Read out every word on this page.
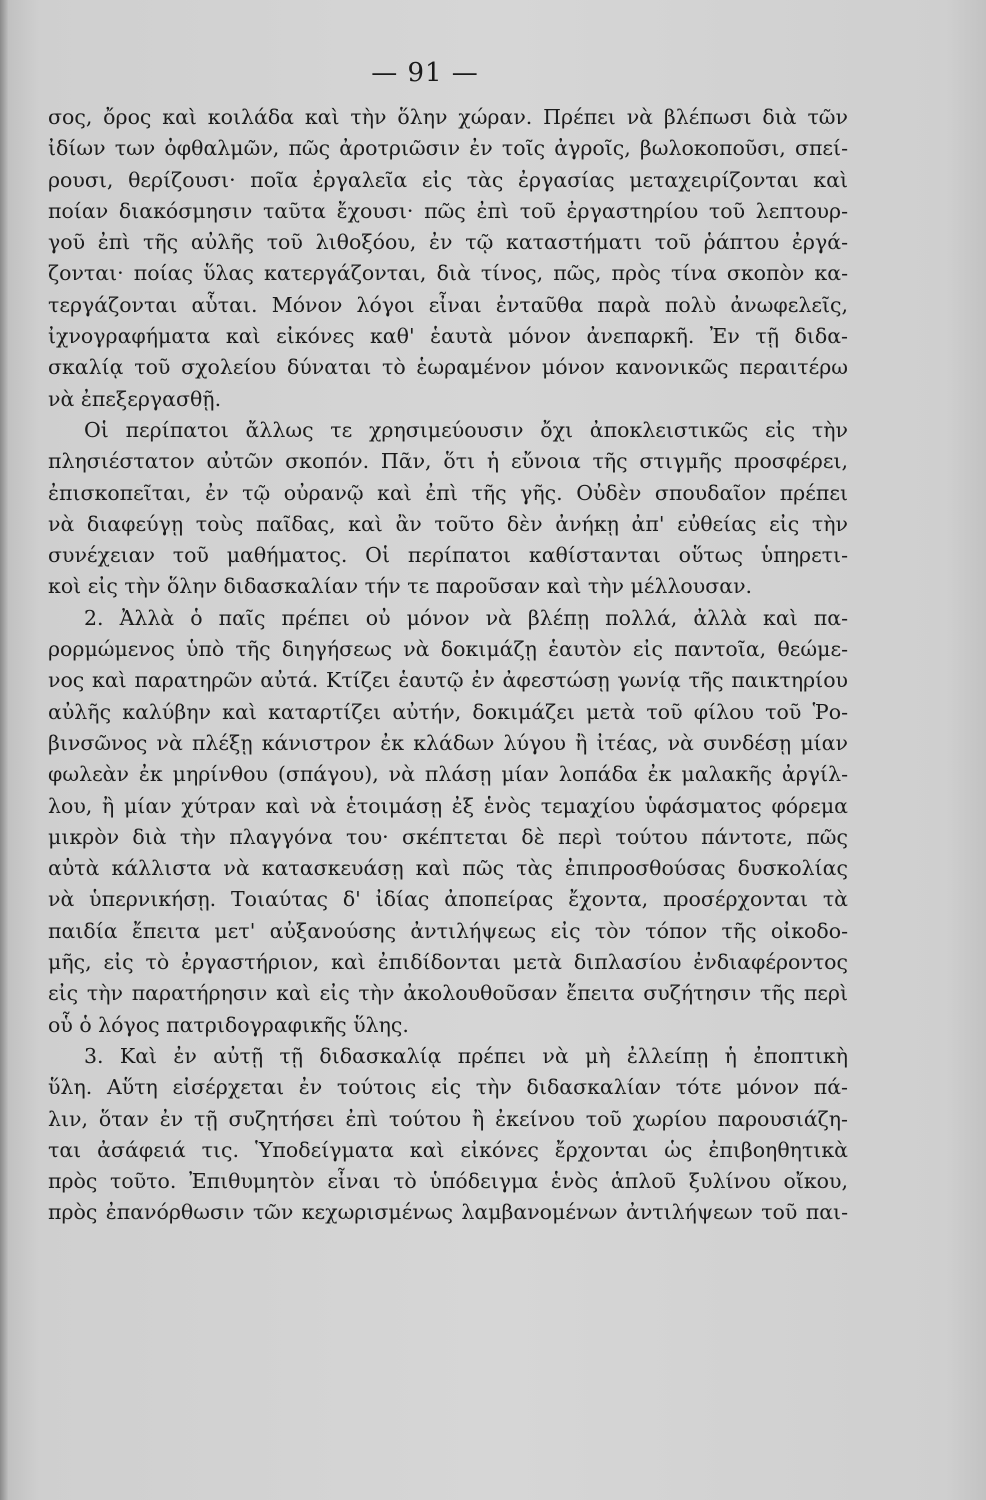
— 91 —
σος, ὄρος καὶ κοιλάδα καὶ τὴν ὅλην χώραν. Πρέπει νὰ βλέπωσι διὰ τῶν
ἰδίων των ὀφθαλμῶν, πῶς ἀροτριῶσιν ἐν τοῖς ἀγροῖς, βωλοκοποῦσι, σπεί-
ρουσι, θερίζουσι· ποῖα ἐργαλεῖα εἰς τὰς ἐργασίας μεταχειρίζονται καὶ
ποίαν διακόσμησιν ταῦτα ἔχουσι· πῶς ἐπὶ τοῦ ἐργαστηρίου τοῦ λεπτουρ-
γοῦ ἐπὶ τῆς αὐλῆς τοῦ λιθοξόου, ἐν τῷ καταστήματι τοῦ ῥάπτου ἐργά-
ζονται· ποίας ὕλας κατεργάζονται, διὰ τίνος, πῶς, πρὸς τίνα σκοπὸν κα-
τεργάζονται αὗται. Μόνον λόγοι εἶναι ἐνταῦθα παρὰ πολὺ ἀνωφελεῖς,
ἰχνογραφήματα καὶ εἰκόνες καθ' ἑαυτὰ μόνον ἀνεπαρκῆ. Ἐν τῇ διδα-
σκαλίᾳ τοῦ σχολείου δύναται τὸ ἑωραμένον μόνον κανονικῶς περαιτέρω
νὰ ἐπεξεργασθῇ.
Οἱ περίπατοι ἄλλως τε χρησιμεύουσιν ὄχι ἀποκλειστικῶς εἰς τὴν
πλησιέστατον αὐτῶν σκοπόν. Πᾶν, ὅτι ἡ εὔνοια τῆς στιγμῆς προσφέρει,
ἐπισκοπεῖται, ἐν τῷ οὐρανῷ καὶ ἐπὶ τῆς γῆς. Οὐδὲν σπουδαῖον πρέπει
νὰ διαφεύγῃ τοὺς παῖδας, καὶ ἂν τοῦτο δὲν ἀνήκῃ ἀπ' εὐθείας εἰς τὴν
συνέχειαν τοῦ μαθήματος. Οἱ περίπατοι καθίστανται οὕτως ὑπηρετι-
κοὶ εἰς τὴν ὅλην διδασκαλίαν τήν τε παροῦσαν καὶ τὴν μέλλουσαν.
2. Ἀλλὰ ὁ παῖς πρέπει οὐ μόνον νὰ βλέπῃ πολλά, ἀλλὰ καὶ πα-
ρορμώμενος ὑπὸ τῆς διηγήσεως νὰ δοκιμάζῃ ἑαυτὸν εἰς παντοῖα, θεώμε-
νος καὶ παρατηρῶν αὐτά. Κτίζει ἑαυτῷ ἐν ἀφεστώσῃ γωνίᾳ τῆς παικτηρίου
αὐλῆς καλύβην καὶ καταρτίζει αὐτήν, δοκιμάζει μετὰ τοῦ φίλου τοῦ Ῥο-
βινσῶνος νὰ πλέξῃ κάνιστρον ἐκ κλάδων λύγου ἢ ἰτέας, νὰ συνδέσῃ μίαν
φωλεὰν ἐκ μηρίνθου (σπάγου), νὰ πλάσῃ μίαν λοπάδα ἐκ μαλακῆς ἀργίλ-
λου, ἢ μίαν χύτραν καὶ νὰ ἑτοιμάσῃ ἐξ ἑνὸς τεμαχίου ὑφάσματος φόρεμα
μικρὸν διὰ τὴν πλαγγόνα του· σκέπτεται δὲ περὶ τούτου πάντοτε, πῶς
αὐτὰ κάλλιστα νὰ κατασκευάσῃ καὶ πῶς τὰς ἐπιπροσθούσας δυσκολίας
νὰ ὑπερνικήσῃ. Τοιαύτας δ' ἰδίας ἀποπείρας ἔχοντα, προσέρχονται τὰ
παιδία ἔπειτα μετ' αὐξανούσης ἀντιλήψεως εἰς τὸν τόπον τῆς οἰκοδο-
μῆς, εἰς τὸ ἐργαστήριον, καὶ ἐπιδίδονται μετὰ διπλασίου ἐνδιαφέροντος
εἰς τὴν παρατήρησιν καὶ εἰς τὴν ἀκολουθοῦσαν ἔπειτα συζήτησιν τῆς περὶ
οὗ ὁ λόγος πατριδογραφικῆς ὕλης.
3. Καὶ ἐν αὐτῇ τῇ διδασκαλίᾳ πρέπει νὰ μὴ ἐλλείπῃ ἡ ἐποπτικὴ
ὕλη. Αὕτη εἰσέρχεται ἐν τούτοις εἰς τὴν διδασκαλίαν τότε μόνον πά-
λιν, ὅταν ἐν τῇ συζητήσει ἐπὶ τούτου ἢ ἐκείνου τοῦ χωρίου παρουσιάζη-
ται ἀσάφειά τις. Ὑποδείγματα καὶ εἰκόνες ἔρχονται ὡς ἐπιβοηθητικὰ
πρὸς τοῦτο. Ἐπιθυμητὸν εἶναι τὸ ὑπόδειγμα ἑνὸς ἁπλοῦ ξυλίνου οἴκου,
πρὸς ἐπανόρθωσιν τῶν κεχωρισμένως λαμβανομένων ἀντιλήψεων τοῦ παι-
